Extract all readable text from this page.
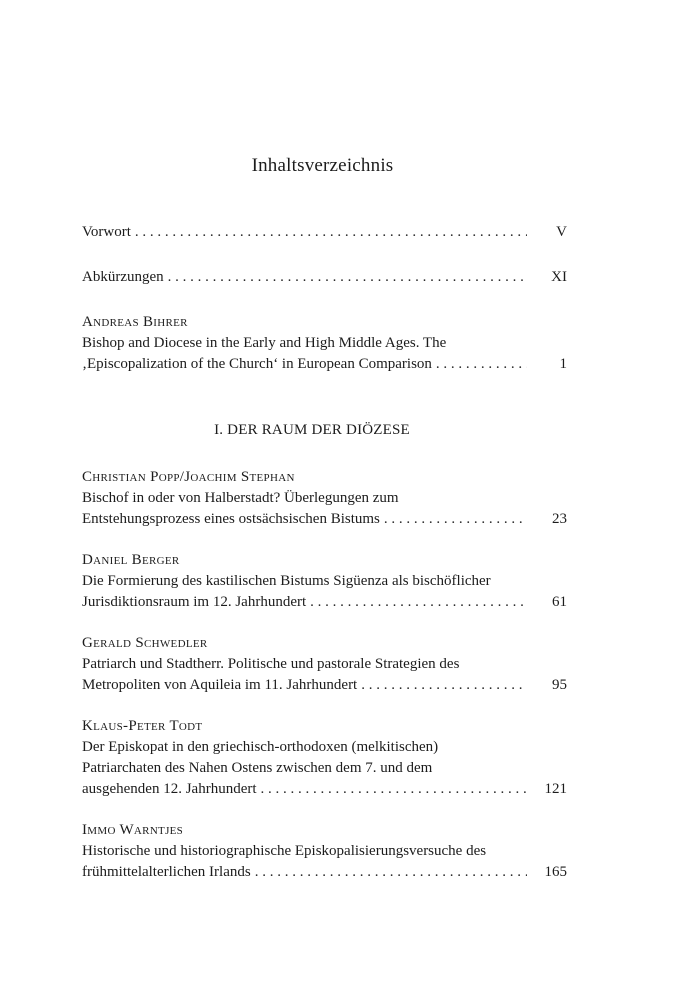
Inhaltsverzeichnis
Vorwort . . .	V
Abkürzungen . . .	XI
Andreas Bihrer
Bishop and Diocese in the Early and High Middle Ages. The
‚Episcopalization of the Church‘ in European Comparison . . .	1
I. DER RAUM DER DIÖZESE
Christian Popp/Joachim Stephan
Bischof in oder von Halberstadt? Überlegungen zum
Entstehungsprozess eines ostsächsischen Bistums . . .	23
Daniel Berger
Die Formierung des kastilischen Bistums Sigüenza als bischöflicher
Jurisdiktionsraum im 12. Jahrhundert . . .	61
Gerald Schwedler
Patriarch und Stadtherr. Politische und pastorale Strategien des
Metropoliten von Aquileia im 11. Jahrhundert . . .	95
Klaus-Peter Todt
Der Episkopat in den griechisch-orthodoxen (melkitischen)
Patriarchaten des Nahen Ostens zwischen dem 7. und dem
ausgehenden 12. Jahrhundert . . .	121
Immo Warntjes
Historische und historiographische Episkopalisierungsversuche des
frühmittelalterlichen Irlands . . .	165
